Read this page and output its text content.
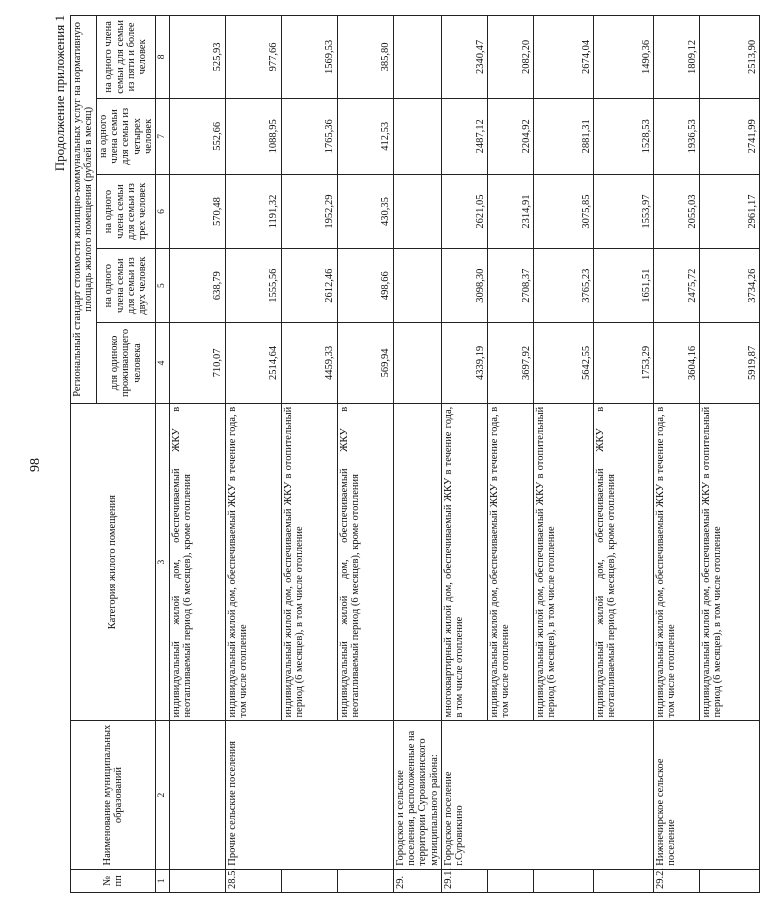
98
Продолжение приложения 1
№ пп	Наименование муниципальных образований	Категория жилого помещения	Региональный стандарт стоимости жилищно-коммунальных услуг на нормативную площадь жилого помещения (рублей в месяц)				
			для одиноко проживающего человека	на одного члена семьи для семьи из двух человек	на одного члена семьи для семьи из трех человек	на одного члена семьи для семьи из четырех человек	на одного члена семьи для семьи из пяти и более человек
1	2	3	4	5	6	7	8
		индивидуальный жилой дом, обеспечиваемый ЖКУ в неотапливаемый период (6 месяцев), кроме отопления	710,07	638,79	570,48	552,66	525,93
28.5.	Прочие сельские поселения	индивидуальный жилой дом, обеспечиваемый ЖКУ в течение года, в том числе отопление	2514,64	1555,56	1191,32	1088,95	977,66
		индивидуальный жилой дом, обеспечиваемый ЖКУ в отопительный период (6 месяцев), в том числе отопление	4459,33	2612,46	1952,29	1765,36	1569,53
		индивидуальный жилой дом, обеспечиваемый ЖКУ в неотапливаемый период (6 месяцев), кроме отопления	569,94	498,66	430,35	412,53	385,80
29.	Городское и сельские поселения, расположенные на территории Суровикинского муниципального района:						
29.1.	Городское поселение г.Суровикино	многоквартирный жилой дом, обеспечиваемый ЖКУ в течение года, в том числе отопление	4339,19	3098,30	2621,05	2487,12	2340,47
		индивидуальный жилой дом, обеспечиваемый ЖКУ в течение года, в том числе отопление	3697,92	2708,37	2314,91	2204,92	2082,20
		индивидуальный жилой дом, обеспечиваемый ЖКУ в отопительный период (6 месяцев), в том числе отопление	5642,55	3765,23	3075,85	2881,31	2674,04
		индивидуальный жилой дом, обеспечиваемый ЖКУ в неотапливаемый период (6 месяцев), кроме отопления	1753,29	1651,51	1553,97	1528,53	1490,36
29.2.	Нижнечирское сельское поселение	индивидуальный жилой дом, обеспечиваемый ЖКУ в течение года, в том числе отопление	3604,16	2475,72	2055,03	1936,53	1809,12
		индивидуальный жилой дом, обеспечиваемый ЖКУ в отопительный период (6 месяцев), в том числе отопление	5919,87	3734,26	2961,17	2741,99	2513,90
